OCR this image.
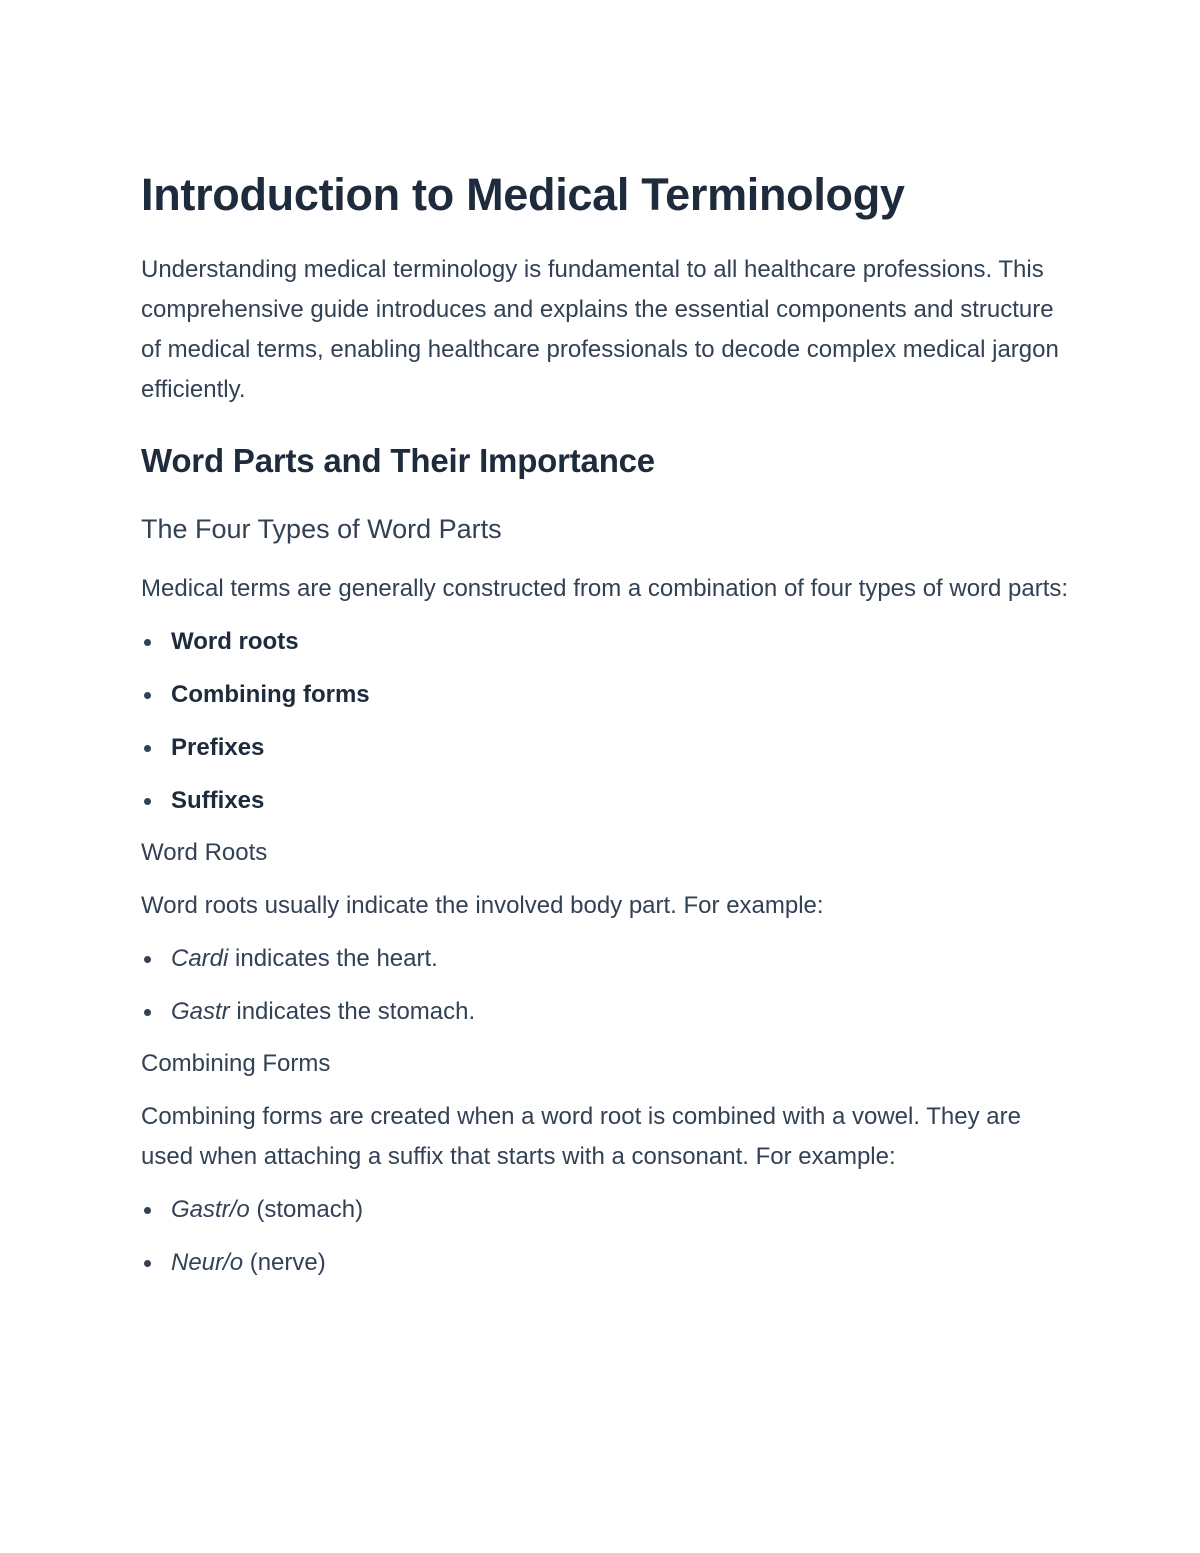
Introduction to Medical Terminology

Understanding medical terminology is fundamental to all healthcare professions. This comprehensive guide introduces and explains the essential components and structure of medical terms, enabling healthcare professionals to decode complex medical jargon efficiently.

Word Parts and Their Importance
The Four Types of Word Parts

Medical terms are generally constructed from a combination of four types of word parts:

Word roots
Combining forms
Prefixes
Suffixes
Word Roots

Word roots usually indicate the involved body part. For example:

Cardi indicates the heart.
Gastr indicates the stomach.
Combining Forms

Combining forms are created when a word root is combined with a vowel. They are used when attaching a suffix that starts with a consonant. For example:

Gastr/o (stomach)
Neur/o (nerve)
